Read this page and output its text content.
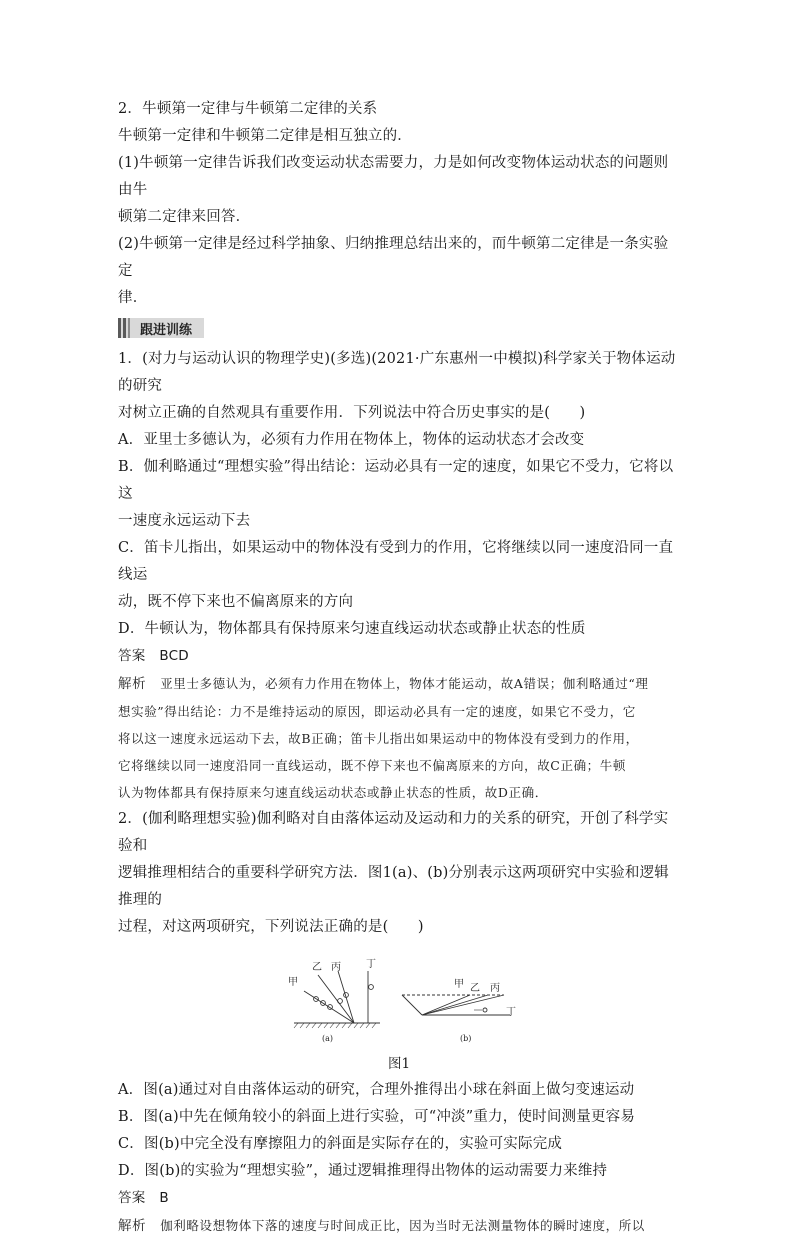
2．牛顿第一定律与牛顿第二定律的关系

牛顿第一定律和牛顿第二定律是相互独立的．

(1)牛顿第一定律告诉我们改变运动状态需要力，力是如何改变物体运动状态的问题则由牛

顿第二定律来回答．

(2)牛顿第一定律是经过科学抽象、归纳推理总结出来的，而牛顿第二定律是一条实验定

律．

跟进训练

1．(对力与运动认识的物理学史)(多选)(2021·广东惠州一中模拟)科学家关于物体运动的研究

对树立正确的自然观具有重要作用．下列说法中符合历史事实的是(　　)

A．亚里士多德认为，必须有力作用在物体上，物体的运动状态才会改变

B．伽利略通过“理想实验”得出结论：运动必具有一定的速度，如果它不受力，它将以这

一速度永远运动下去

C．笛卡儿指出，如果运动中的物体没有受到力的作用，它将继续以同一速度沿同一直线运

动，既不停下来也不偏离原来的方向

D．牛顿认为，物体都具有保持原来匀速直线运动状态或静止状态的性质

答案 BCD

解析 亚里士多德认为，必须有力作用在物体上，物体才能运动，故A错误；伽利略通过“理

想实验”得出结论：力不是维持运动的原因，即运动必具有一定的速度，如果它不受力，它

将以这一速度永远运动下去，故B正确；笛卡儿指出如果运动中的物体没有受到力的作用，

它将继续以同一速度沿同一直线运动，既不停下来也不偏离原来的方向，故C正确；牛顿

认为物体都具有保持原来匀速直线运动状态或静止状态的性质，故D正确．

2．(伽利略理想实验)伽利略对自由落体运动及运动和力的关系的研究，开创了科学实验和

逻辑推理相结合的重要科学研究方法．图1(a)、(b)分别表示这两项研究中实验和逻辑推理的

过程，对这两项研究，下列说法正确的是(　　)

甲
乙 丙	丁
(a)
甲 乙 丙
丁
(b)

图1

A．图(a)通过对自由落体运动的研究，合理外推得出小球在斜面上做匀变速运动

B．图(a)中先在倾角较小的斜面上进行实验，可“冲淡”重力，使时间测量更容易

C．图(b)中完全没有摩擦阻力的斜面是实际存在的，实验可实际完成

D．图(b)的实验为“理想实验”，通过逻辑推理得出物体的运动需要力来维持

答案 B

解析 伽利略设想物体下落的速度与时间成正比，因为当时无法测量物体的瞬时速度，所以
